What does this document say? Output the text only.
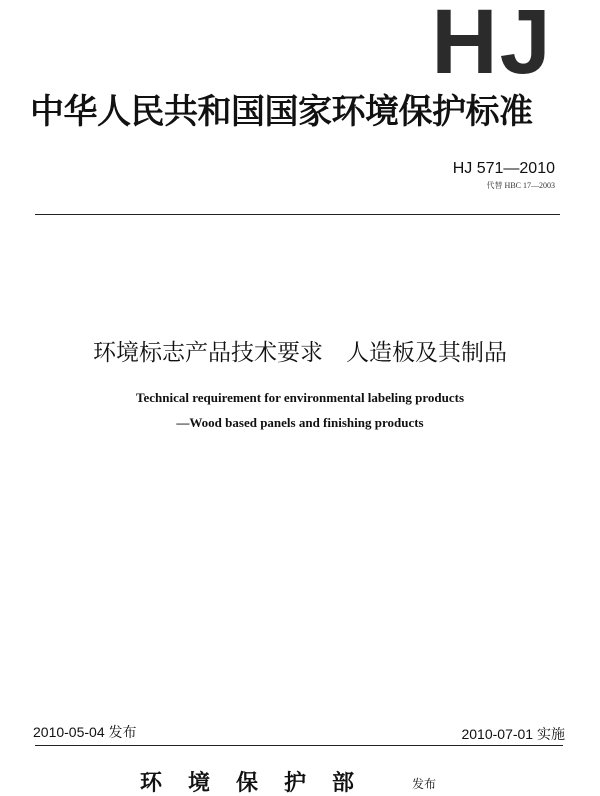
HJ
中华人民共和国国家环境保护标准
HJ 571—2010
代替 HBC 17—2003
环境标志产品技术要求　人造板及其制品
Technical requirement for environmental labeling products
—Wood based panels and finishing products
2010-05-04 发布	2010-07-01 实施
环境保护部	发布
